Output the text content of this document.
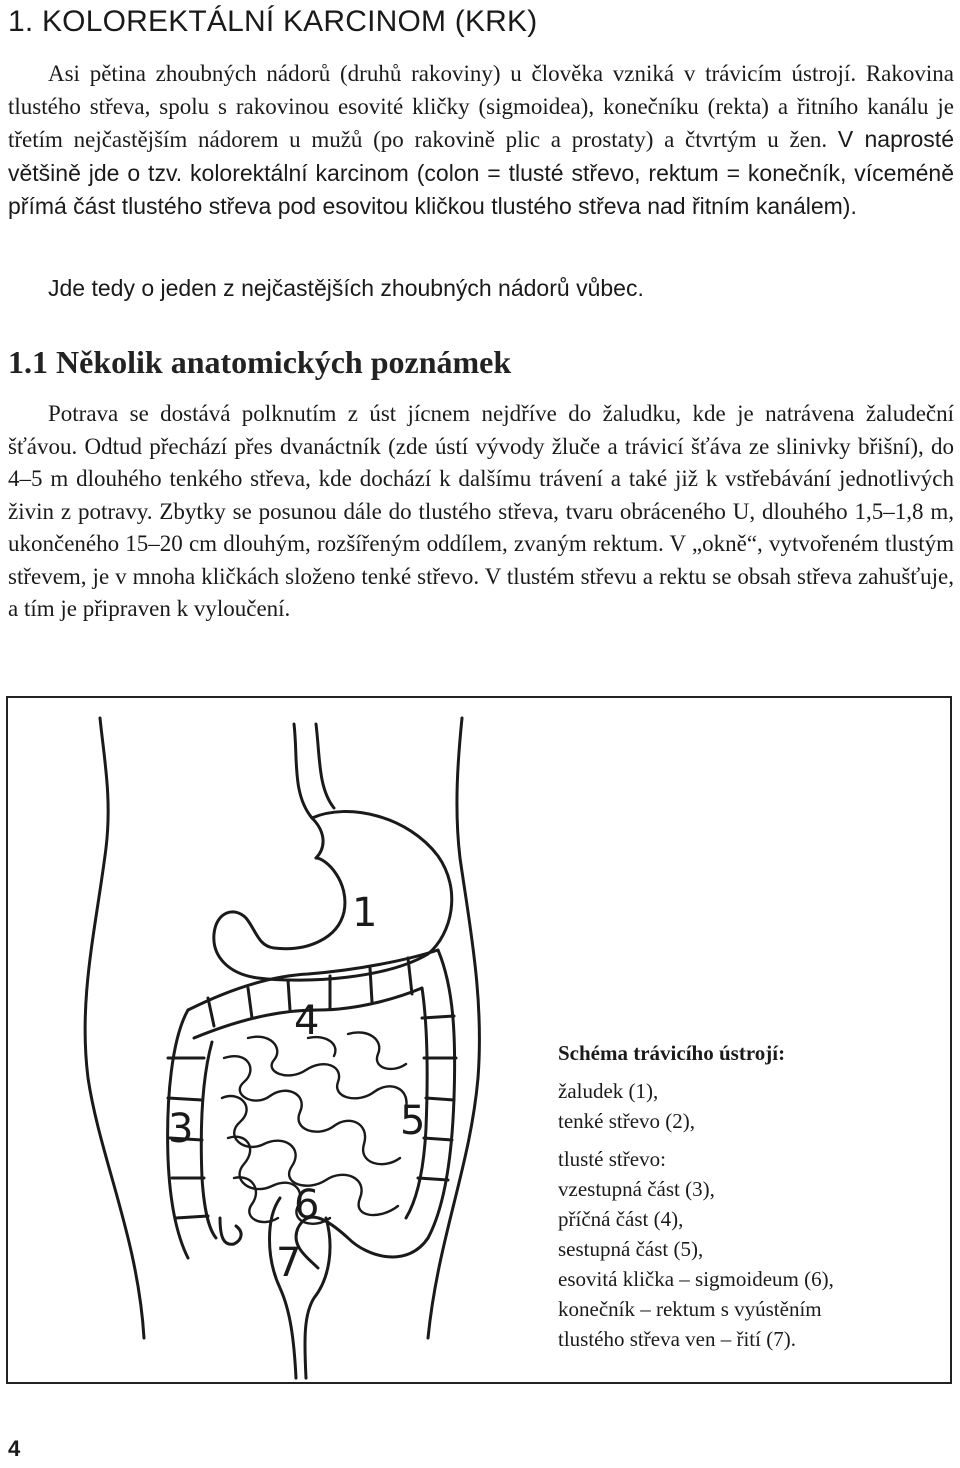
1. KOLOREKTÁLNÍ KARCINOM (KRK)

Asi pětina zhoubných nádorů (druhů rakoviny) u člověka vzniká v trávicím ústrojí. Rakovina tlustého střeva, spolu s rakovinou esovité kličky (sigmoidea), konečníku (rekta) a řitního kanálu je třetím nejčastějším nádorem u mužů (po rakovině plic a prostaty) a čtvrtým u žen. V naprosté většině jde o tzv. kolorektální karcinom (colon = tlusté střevo, rektum = konečník, víceméně přímá část tlustého střeva pod esovitou kličkou tlustého střeva nad řitním kanálem).

Jde tedy o jeden z nejčastějších zhoubných nádorů vůbec.

1.1 Několik anatomických poznámek

Potrava se dostává polknutím z úst jícnem nejdříve do žaludku, kde je natrávena žaludeční šťávou. Odtud přechází přes dvanáctník (zde ústí vývody žluče a trávicí šťáva ze slinivky břišní), do 4–5 m dlouhého tenkého střeva, kde dochází k dalšímu trávení a také již k vstřebávání jednotlivých živin z potravy. Zbytky se posunou dále do tlustého střeva, tvaru obráceného U, dlouhého 1,5–1,8 m, ukončeného 15–20 cm dlouhým, rozšířeným oddílem, zvaným rektum. V „okně“, vytvořeném tlustým střevem, je v mnoha kličkách složeno tenké střevo. V tlustém střevu a rektu se obsah střeva zahušťuje, a tím je připraven k vyloučení.

1
4
3	5
6
7
Schéma trávicího ústrojí:
žaludek (1),
tenké střevo (2),
tlusté střevo:
vzestupná část (3),
příčná část (4),
sestupná část (5),
esovitá klička – sigmoideum (6),
konečník – rektum s vyústěním
tlustého střeva ven – řití (7).
4
